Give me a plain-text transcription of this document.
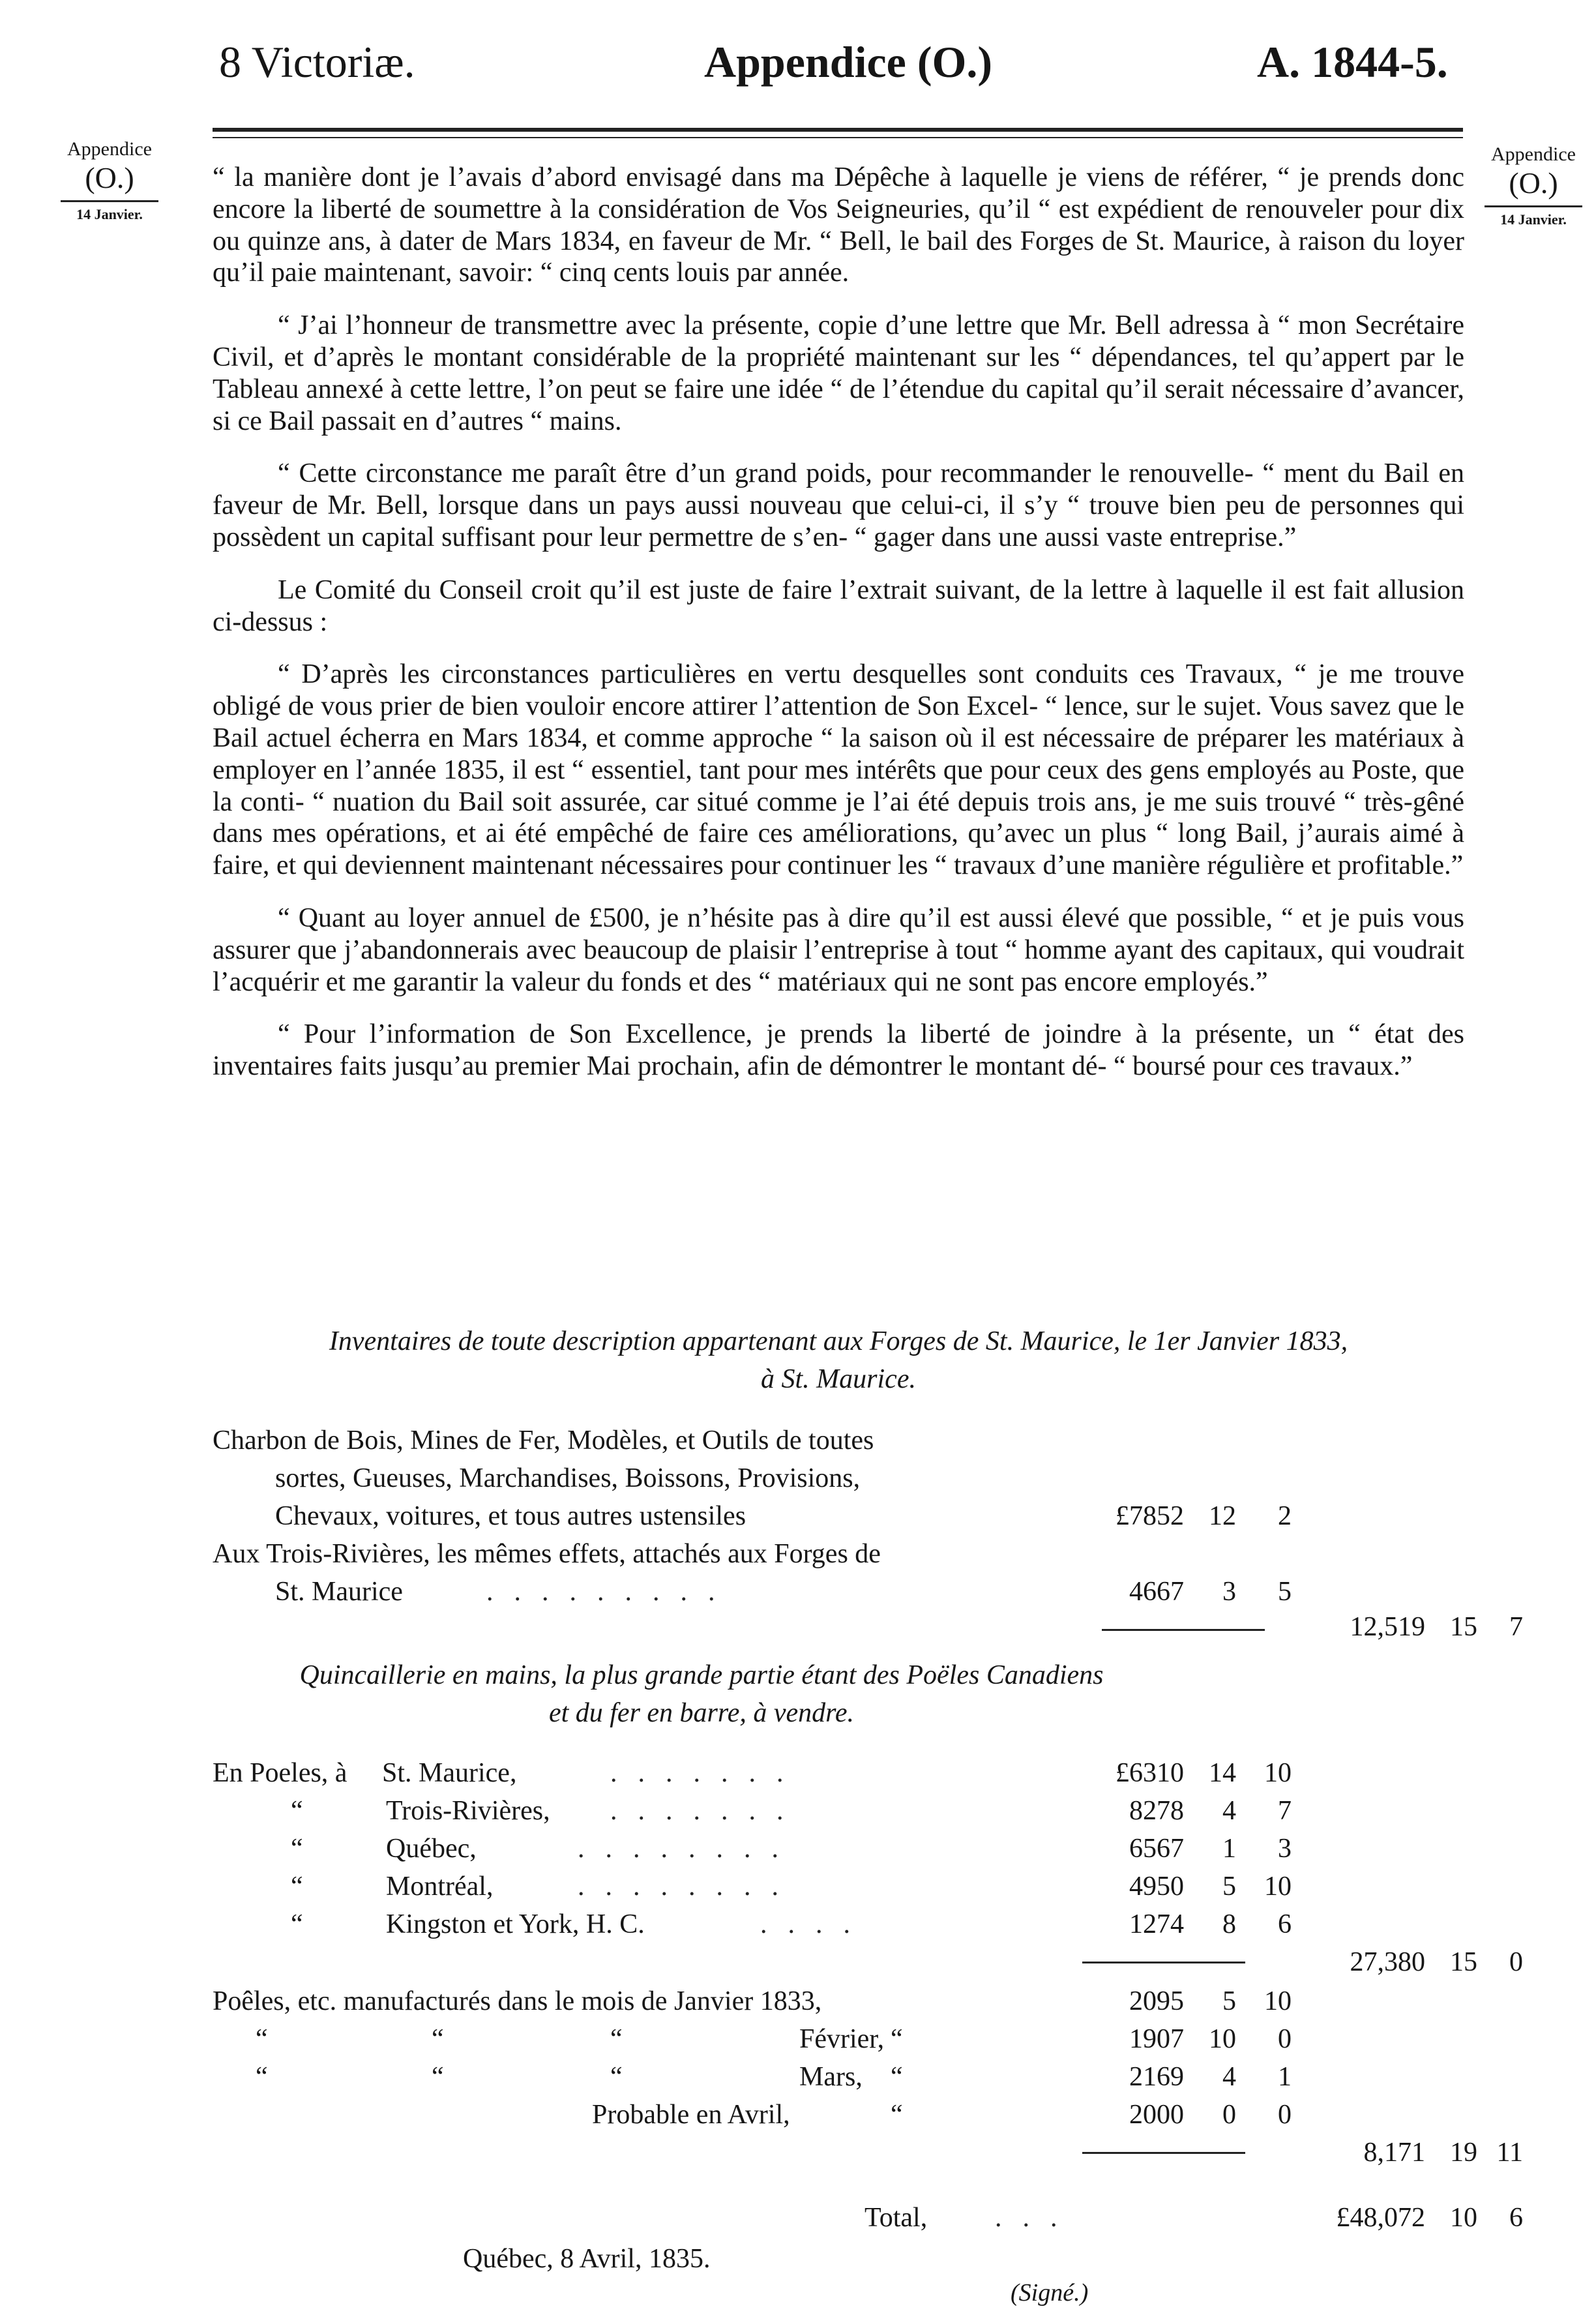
8 Victoriæ.	Appendice (O.)	A. 1844-5.
Appendice
(O.)
14 Janvier.
Appendice
(O.)
14 Janvier.

“ la manière dont je l’avais d’abord envisagé dans ma Dépêche à laquelle je viens de référer, “ je prends donc encore la liberté de soumettre à la considération de Vos Seigneuries, qu’il “ est expédient de renouveler pour dix ou quinze ans, à dater de Mars 1834, en faveur de Mr. “ Bell, le bail des Forges de St. Maurice, à raison du loyer qu’il paie maintenant, savoir: “ cinq cents louis par année.

“ J’ai l’honneur de transmettre avec la présente, copie d’une lettre que Mr. Bell adressa à “ mon Secrétaire Civil, et d’après le montant considérable de la propriété maintenant sur les “ dépendances, tel qu’appert par le Tableau annexé à cette lettre, l’on peut se faire une idée “ de l’étendue du capital qu’il serait nécessaire d’avancer, si ce Bail passait en d’autres “ mains.

“ Cette circonstance me paraît être d’un grand poids, pour recommander le renouvelle- “ ment du Bail en faveur de Mr. Bell, lorsque dans un pays aussi nouveau que celui-ci, il s’y “ trouve bien peu de personnes qui possèdent un capital suffisant pour leur permettre de s’en- “ gager dans une aussi vaste entreprise.”

Le Comité du Conseil croit qu’il est juste de faire l’extrait suivant, de la lettre à laquelle il est fait allusion ci-dessus :

“ D’après les circonstances particulières en vertu desquelles sont conduits ces Travaux, “ je me trouve obligé de vous prier de bien vouloir encore attirer l’attention de Son Excel- “ lence, sur le sujet. Vous savez que le Bail actuel écherra en Mars 1834, et comme approche “ la saison où il est nécessaire de préparer les matériaux à employer en l’année 1835, il est “ essentiel, tant pour mes intérêts que pour ceux des gens employés au Poste, que la conti- “ nuation du Bail soit assurée, car situé comme je l’ai été depuis trois ans, je me suis trouvé “ très-gêné dans mes opérations, et ai été empêché de faire ces améliorations, qu’avec un plus “ long Bail, j’aurais aimé à faire, et qui deviennent maintenant nécessaires pour continuer les “ travaux d’une manière régulière et profitable.”

“ Quant au loyer annuel de £500, je n’hésite pas à dire qu’il est aussi élevé que possible, “ et je puis vous assurer que j’abandonnerais avec beaucoup de plaisir l’entreprise à tout “ homme ayant des capitaux, qui voudrait l’acquérir et me garantir la valeur du fonds et des “ matériaux qui ne sont pas encore employés.”

“ Pour l’information de Son Excellence, je prends la liberté de joindre à la présente, un “ état des inventaires faits jusqu’au premier Mai prochain, afin de démontrer le montant dé- “ boursé pour ces travaux.”

Inventaires de toute description appartenant aux Forges de St. Maurice, le 1er Janvier 1833,

à St. Maurice.

Charbon de Bois, Mines de Fer, Modèles, et Outils de toutes
sortes, Gueuses, Marchandises, Boissons, Provisions,
Chevaux, voitures, et tous autres ustensiles	£7852 12	2
Aux Trois-Rivières, les mêmes effets, attachés aux Forges de
St. Maurice	.........	4667	3	5
12,519 15	7

Quincaillerie en mains, la plus grande partie étant des Poëles Canadiens

et du fer en barre, à vendre.

En Poeles, à St. Maurice,	.......	£6310 14	10
“	Trois-Rivières, .......	8278	4	7
“	Québec,	........	6567	1	3
“	Montréal,	........	4950	5	10
“	Kingston et York, H. C.	....	1274	8	6
27,380 15	0
Poêles, etc. manufacturés dans le mois de Janvier 1833,	2095	5	10
“	“	“	Février, “	1907 10	0
“	“	“	Mars, “	2169	4	1
Probable en Avril,	“	2000	0	0
8,171 19 11
Total, ...	£48,072 10	6
Québec, 8 Avril, 1835.
(Signé.)
